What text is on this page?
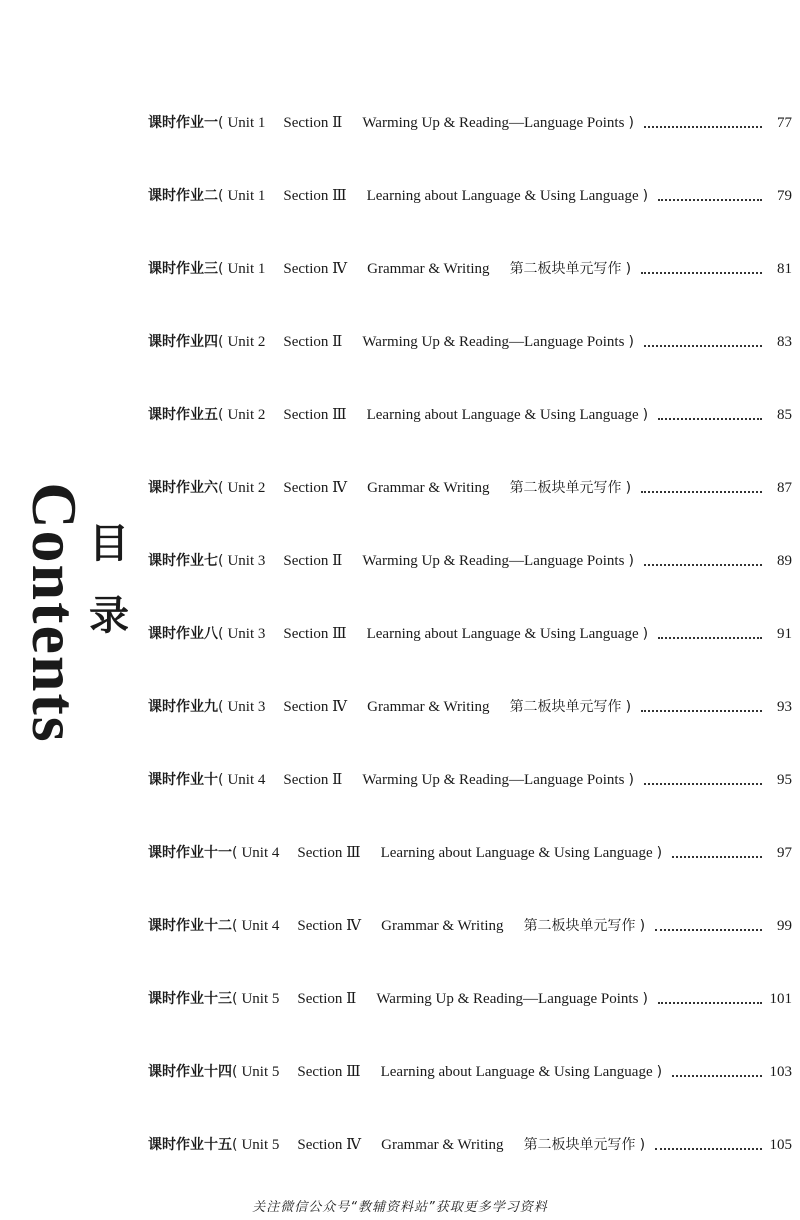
Contents 目
录
课时作业一 ( Unit 1 Section Ⅱ Warming Up & Reading—Language Points )	77
课时作业二 ( Unit 1 Section Ⅲ Learning about Language & Using Language )	79
课时作业三 ( Unit 1 Section Ⅳ Grammar & Writing 第二板块单元写作 )	81
课时作业四 ( Unit 2 Section Ⅱ Warming Up & Reading—Language Points )	83
课时作业五 ( Unit 2 Section Ⅲ Learning about Language & Using Language )	85
课时作业六 ( Unit 2 Section Ⅳ Grammar & Writing 第二板块单元写作 )	87
课时作业七 ( Unit 3 Section Ⅱ Warming Up & Reading—Language Points )	89
课时作业八 ( Unit 3 Section Ⅲ Learning about Language & Using Language )	91
课时作业九 ( Unit 3 Section Ⅳ Grammar & Writing 第二板块单元写作 )	93
课时作业十 ( Unit 4 Section Ⅱ Warming Up & Reading—Language Points )	95
课时作业十一 ( Unit 4 Section Ⅲ Learning about Language & Using Language )	97
课时作业十二 ( Unit 4 Section Ⅳ Grammar & Writing 第二板块单元写作 )	99
课时作业十三 ( Unit 5 Section Ⅱ Warming Up & Reading—Language Points )	101
课时作业十四 ( Unit 5 Section Ⅲ Learning about Language & Using Language )	103
课时作业十五 ( Unit 5 Section Ⅳ Grammar & Writing 第二板块单元写作 )	105
关注微信公众号“教辅资料站”获取更多学习资料
